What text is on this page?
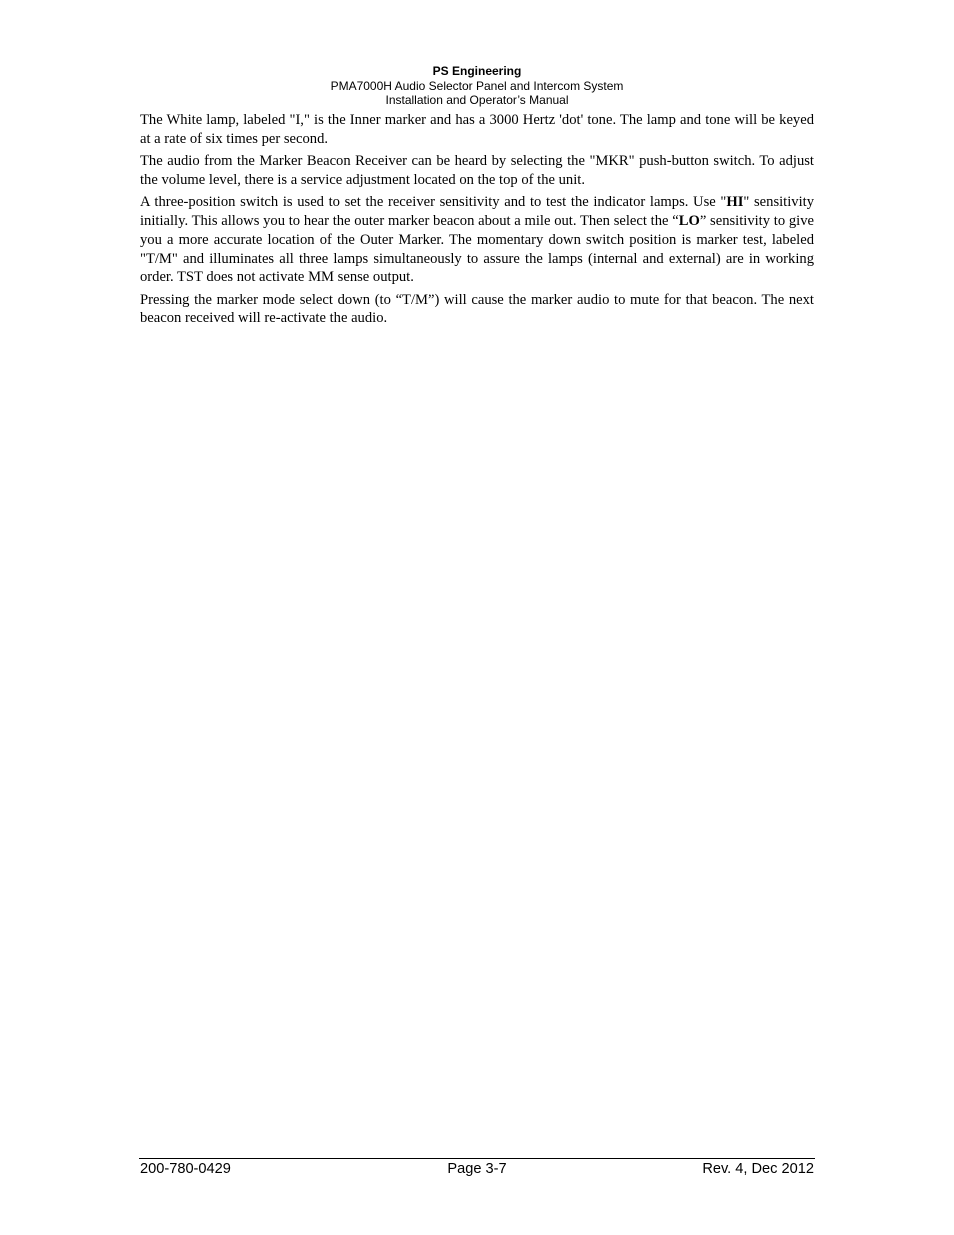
PS Engineering
PMA7000H Audio Selector Panel and Intercom System
Installation and Operator’s Manual

The White lamp, labeled "I," is the Inner marker and has a 3000 Hertz 'dot' tone. The lamp and tone will be keyed at a rate of six times per second.

The audio from the Marker Beacon Receiver can be heard by selecting the "MKR" push-button switch. To adjust the volume level, there is a service adjustment located on the top of the unit.

A three-position switch is used to set the receiver sensitivity and to test the indicator lamps. Use "HI" sensitivity initially. This allows you to hear the outer marker beacon about a mile out. Then select the “LO” sensitivity to give you a more accurate location of the Outer Marker. The momentary down switch position is marker test, labeled "T/M" and illuminates all three lamps simultaneously to assure the lamps (internal and external) are in working order. TST does not activate MM sense output.

Pressing the marker mode select down (to “T/M”) will cause the marker audio to mute for that beacon. The next beacon received will re-activate the audio.

200-780-0429	Page 3-7	Rev. 4, Dec 2012
